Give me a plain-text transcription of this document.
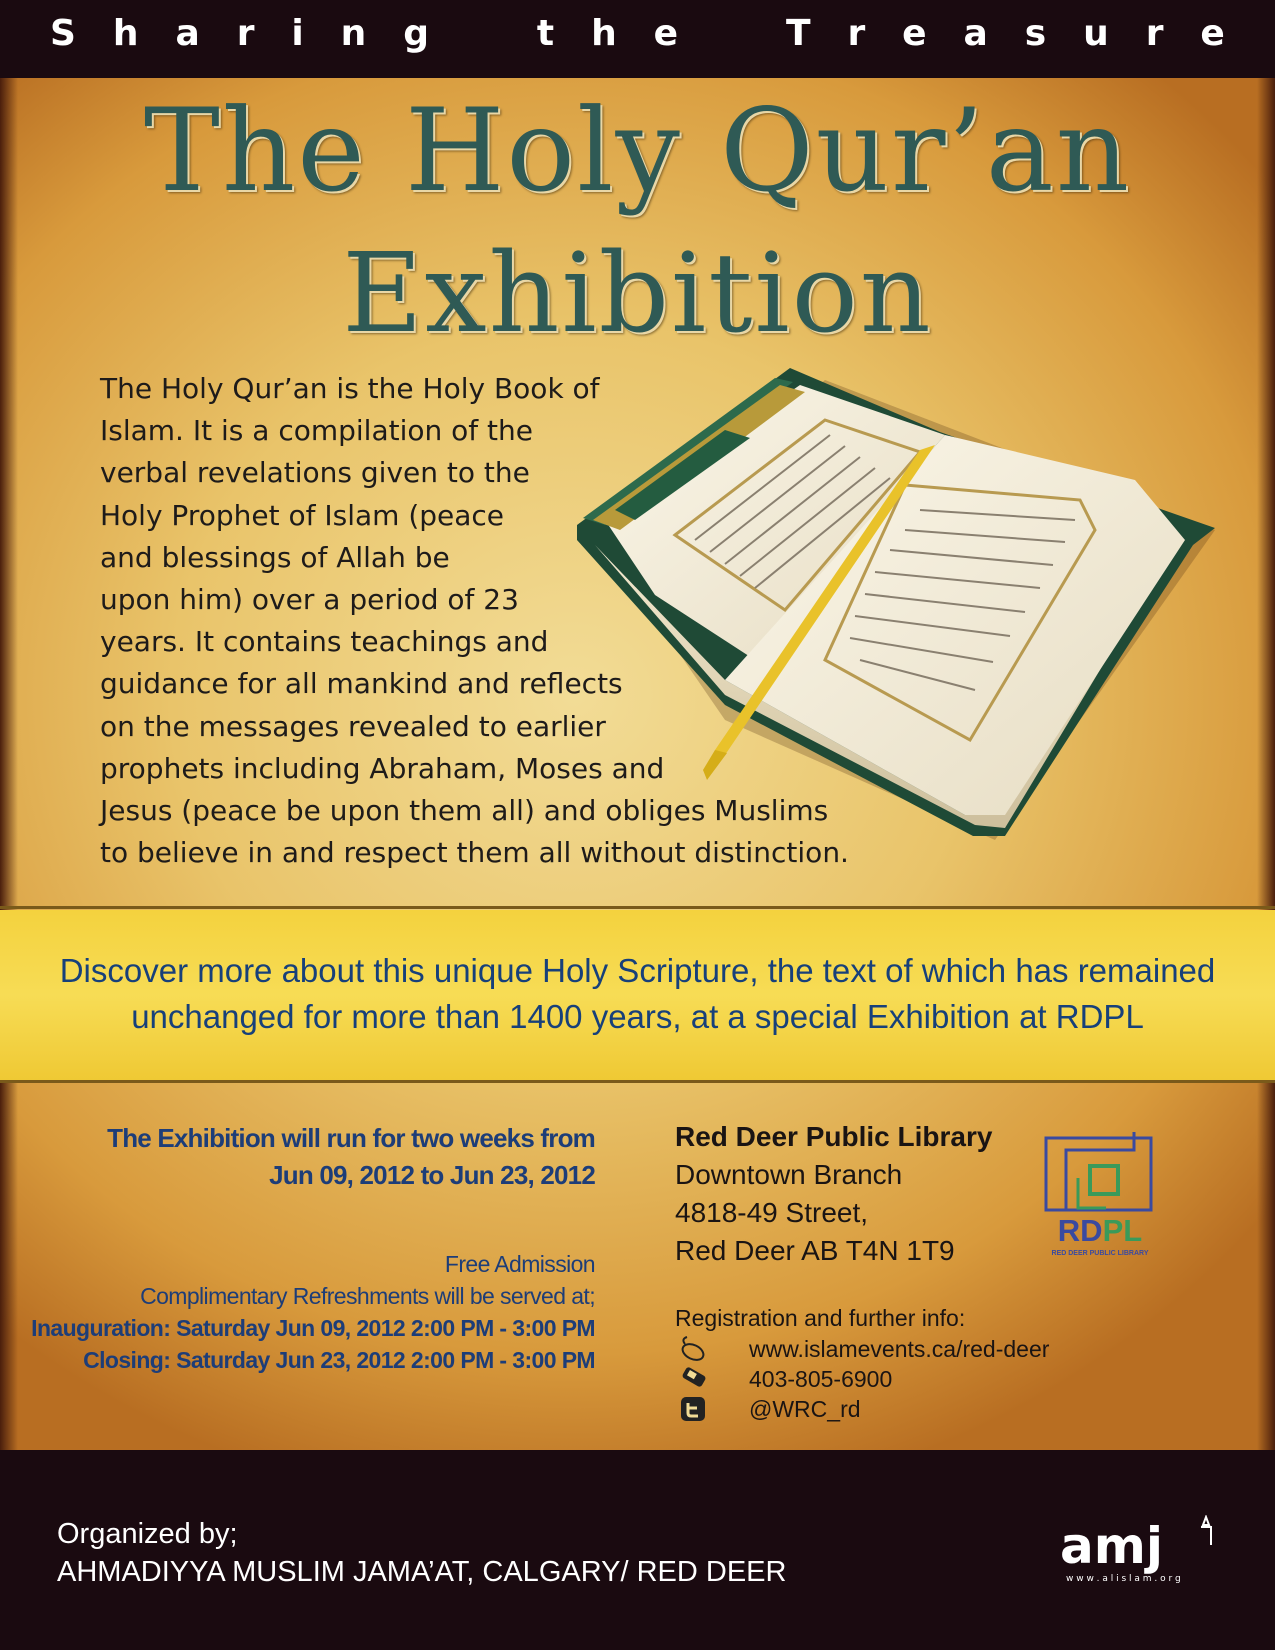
S h a r i n g	t h e	T r e a s u r e
The Holy Qur’an
Exhibition
The Holy Qur’an is the Holy Book of
Islam. It is a compilation of the
verbal revelations given to the
Holy Prophet of Islam (peace
and blessings of Allah be
upon him) over a period of 23
years. It contains teachings and
guidance for all mankind and reflects
on the messages revealed to earlier
prophets including Abraham, Moses and
Jesus (peace be upon them all) and obliges Muslims
to believe in and respect them all without distinction.
Discover more about this unique Holy Scripture, the text of which has remained
unchanged for more than 1400 years, at a special Exhibition at RDPL
The Exhibition will run for two weeks from
Jun 09, 2012 to Jun 23, 2012
Free Admission
Complimentary Refreshments will be served at;
Inauguration: Saturday Jun 09, 2012 2:00 PM - 3:00 PM
Closing: Saturday Jun 23, 2012 2:00 PM - 3:00 PM
Red Deer Public Library
Downtown Branch
4818-49 Street,
Red Deer AB T4N 1T9
RDPL
RED DEER PUBLIC LIBRARY
Registration and further info:
www.islamevents.ca/red-deer
403-805-6900
@WRC_rd
Organized by;
AHMADIYYA MUSLIM JAMA’AT, CALGARY/ RED DEER	amj
w w w . a l i s l a m . o r g
